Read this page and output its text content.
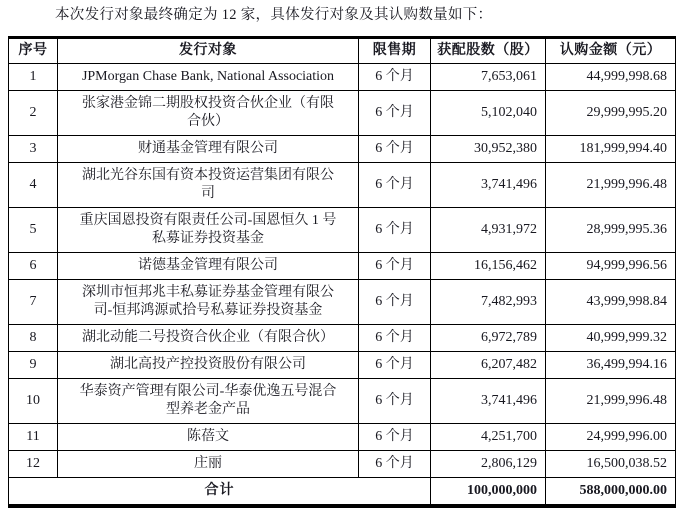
本次发行对象最终确定为 12 家，具体发行对象及其认购数量如下：
序号	发行对象	限售期	获配股数（股）	认购金额（元）
1	JPMorgan Chase Bank, National Association	6 个月	7,653,061	44,999,998.68
2	张家港金锦二期股权投资合伙企业（有限合伙）	6 个月	5,102,040	29,999,995.20
3	财通基金管理有限公司	6 个月	30,952,380	181,999,994.40
4	湖北光谷东国有资本投资运营集团有限公司	6 个月	3,741,496	21,999,996.48
5	重庆国恩投资有限责任公司-国恩恒久 1 号私募证券投资基金	6 个月	4,931,972	28,999,995.36
6	诺德基金管理有限公司	6 个月	16,156,462	94,999,996.56
7	深圳市恒邦兆丰私募证券基金管理有限公司-恒邦鸿源贰拾号私募证券投资基金	6 个月	7,482,993	43,999,998.84
8	湖北动能二号投资合伙企业（有限合伙）	6 个月	6,972,789	40,999,999.32
9	湖北高投产控投资股份有限公司	6 个月	6,207,482	36,499,994.16
10	华泰资产管理有限公司-华泰优逸五号混合型养老金产品	6 个月	3,741,496	21,999,996.48
11	陈蓓文	6 个月	4,251,700	24,999,996.00
12	庄丽	6 个月	2,806,129	16,500,038.52
合计			100,000,000	588,000,000.00
